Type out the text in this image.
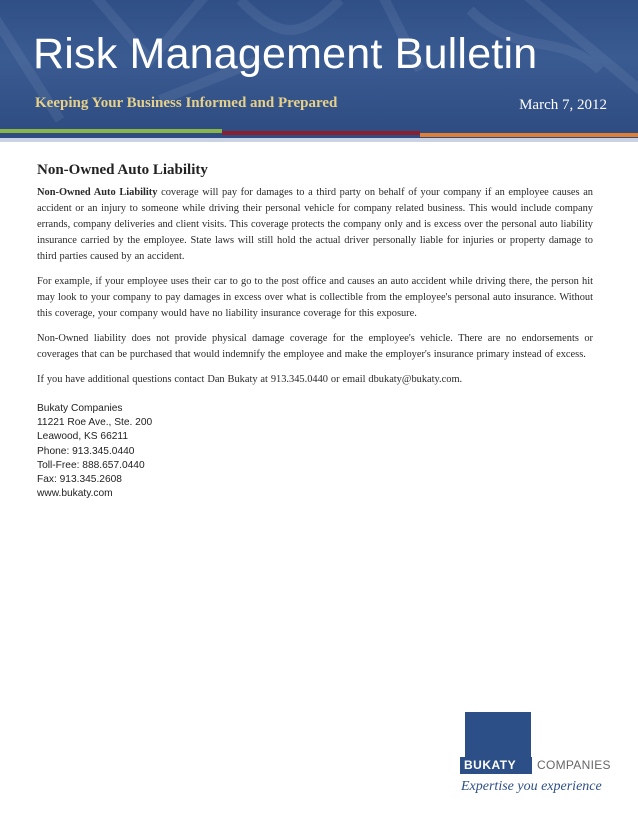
Risk Management Bulletin
Keeping Your Business Informed and Prepared	March 7, 2012
Non-Owned Auto Liability

Non-Owned Auto Liability coverage will pay for damages to a third party on behalf of your company if an employee causes an accident or an injury to someone while driving their personal vehicle for company related business. This would include company errands, company deliveries and client visits. This coverage protects the company only and is excess over the personal auto liability insurance carried by the employee. State laws will still hold the actual driver personally liable for injuries or property damage to third parties caused by an accident.

For example, if your employee uses their car to go to the post office and causes an auto accident while driving there, the person hit may look to your company to pay damages in excess over what is collectible from the employee's personal auto insurance. Without this coverage, your company would have no liability insurance coverage for this exposure.

Non-Owned liability does not provide physical damage coverage for the employee's vehicle. There are no endorsements or coverages that can be purchased that would indemnify the employee and make the employer's insurance primary instead of excess.

If you have additional questions contact Dan Bukaty at 913.345.0440 or email dbukaty@bukaty.com.

Bukaty Companies
11221 Roe Ave., Ste. 200
Leawood, KS 66211
Phone: 913.345.0440
Toll-Free: 888.657.0440
Fax: 913.345.2608
www.bukaty.com
BUKATY COMPANIES
Expertise you experience
